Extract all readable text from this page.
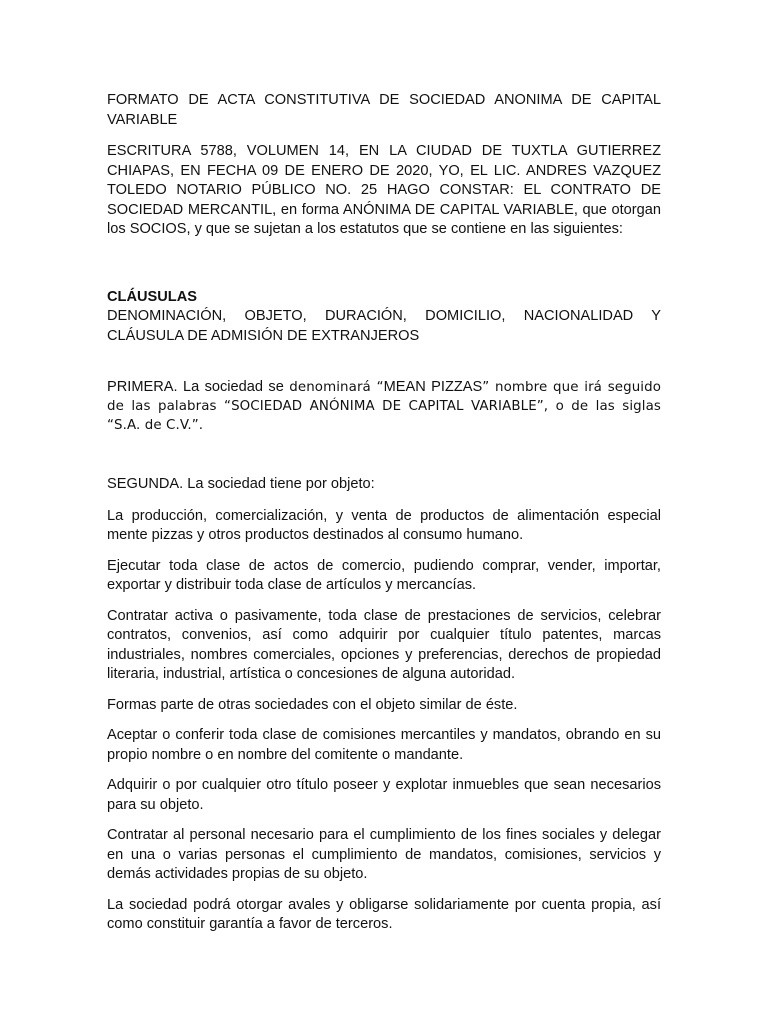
FORMATO DE ACTA CONSTITUTIVA DE SOCIEDAD ANONIMA DE CAPITAL VARIABLE

ESCRITURA 5788, VOLUMEN 14, EN LA CIUDAD DE TUXTLA GUTIERREZ CHIAPAS, EN FECHA 09 DE ENERO DE 2020, YO, EL LIC. ANDRES VAZQUEZ TOLEDO NOTARIO PÚBLICO NO. 25 HAGO CONSTAR: EL CONTRATO DE SOCIEDAD MERCANTIL, en forma ANÓNIMA DE CAPITAL VARIABLE, que otorgan los SOCIOS, y que se sujetan a los estatutos que se contiene en las siguientes:

CLÁUSULAS

DENOMINACIÓN, OBJETO, DURACIÓN, DOMICILIO, NACIONALIDAD Y CLÁUSULA DE ADMISIÓN DE EXTRANJEROS

PRIMERA. La sociedad se denominará “MEAN PIZZAS” nombre que irá seguido de las palabras “SOCIEDAD ANÓNIMA DE CAPITAL VARIABLE”, o de las siglas “S.A. de C.V.”.

SEGUNDA. La sociedad tiene por objeto:

La producción, comercialización, y venta de productos de alimentación especial mente pizzas y otros productos destinados al consumo humano.

Ejecutar toda clase de actos de comercio, pudiendo comprar, vender, importar, exportar y distribuir toda clase de artículos y mercancías.

Contratar activa o pasivamente, toda clase de prestaciones de servicios, celebrar contratos, convenios, así como adquirir por cualquier título patentes, marcas industriales, nombres comerciales, opciones y preferencias, derechos de propiedad literaria, industrial, artística o concesiones de alguna autoridad.

Formas parte de otras sociedades con el objeto similar de éste.

Aceptar o conferir toda clase de comisiones mercantiles y mandatos, obrando en su propio nombre o en nombre del comitente o mandante.

Adquirir o por cualquier otro título poseer y explotar inmuebles que sean necesarios para su objeto.

Contratar al personal necesario para el cumplimiento de los fines sociales y delegar en una o varias personas el cumplimiento de mandatos, comisiones, servicios y demás actividades propias de su objeto.

La sociedad podrá otorgar avales y obligarse solidariamente por cuenta propia, así como constituir garantía a favor de terceros.
